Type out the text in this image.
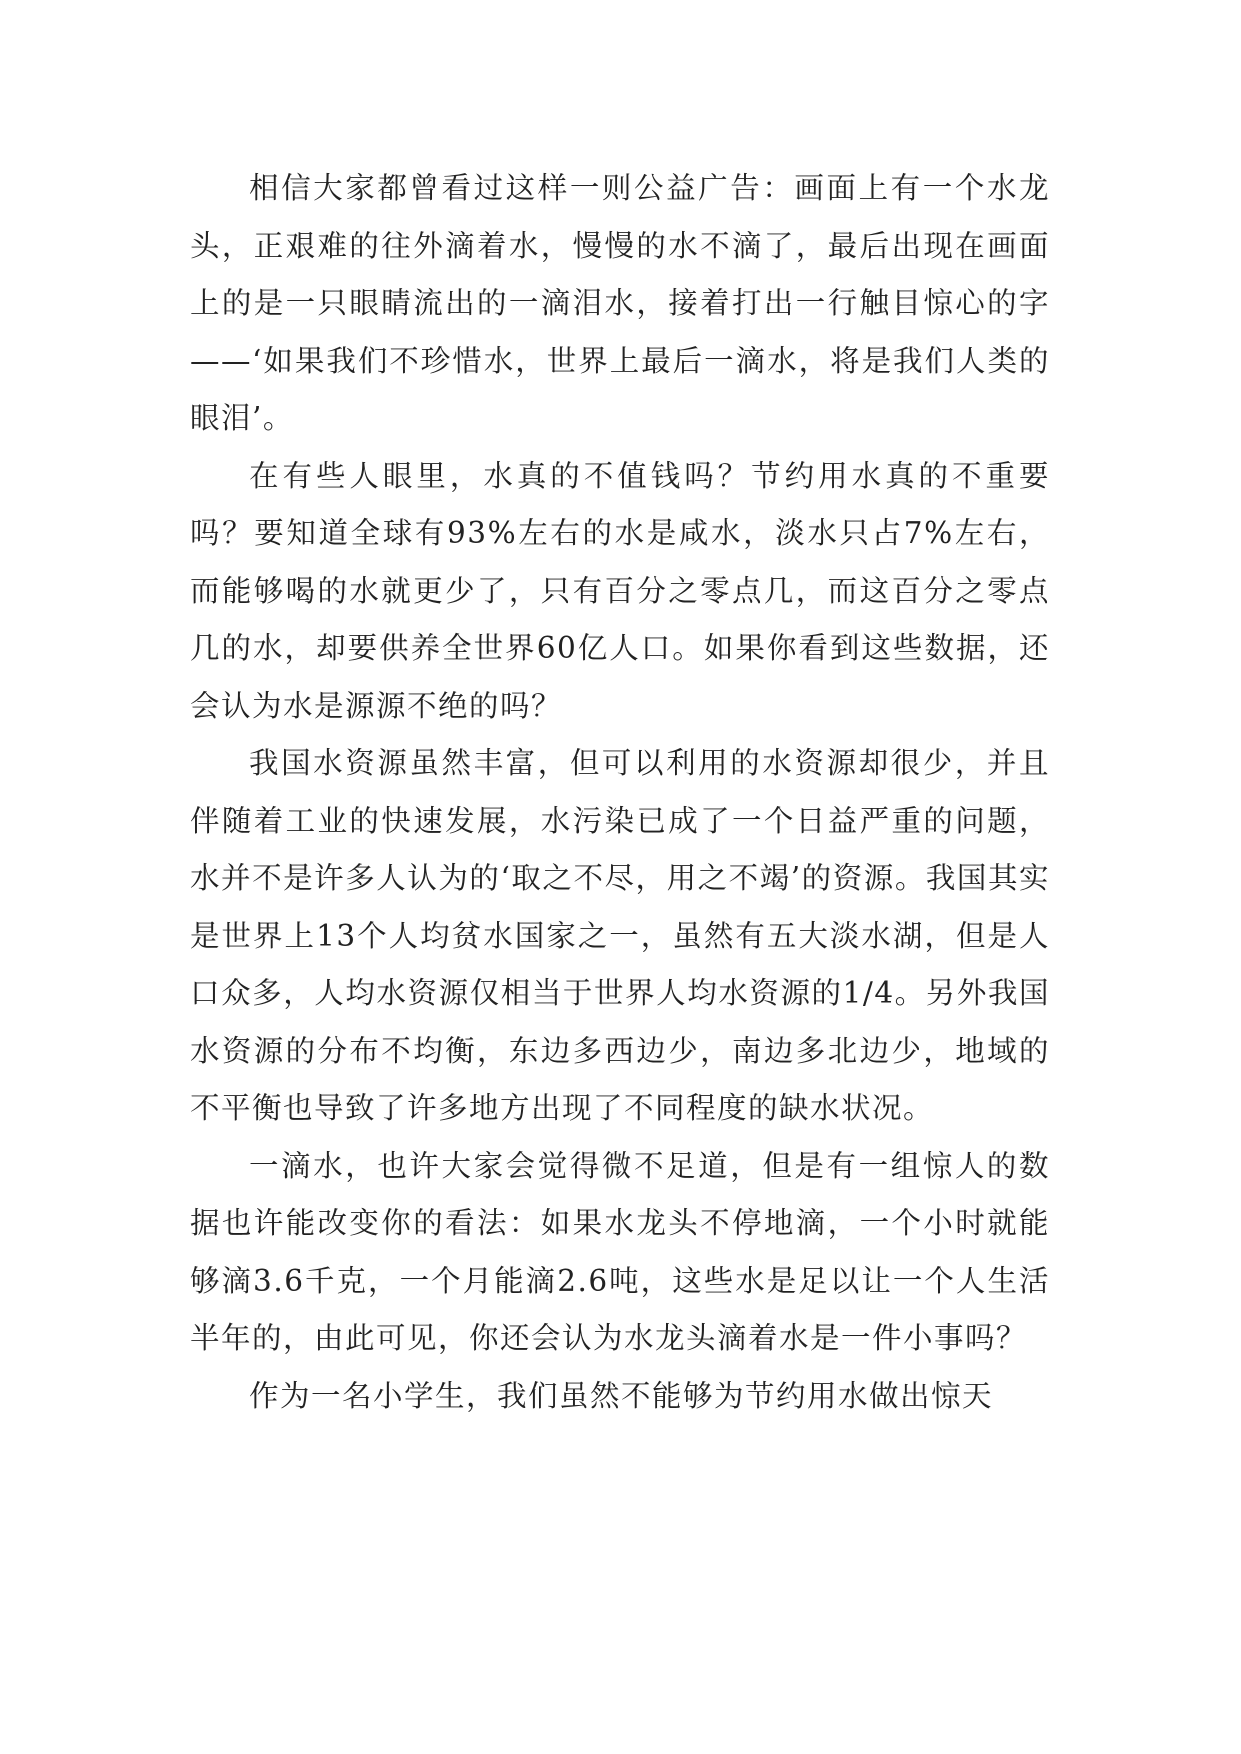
相信大家都曾看过这样一则公益广告：画面上有一个水龙头，正艰难的往外滴着水，慢慢的水不滴了，最后出现在画面上的是一只眼睛流出的一滴泪水，接着打出一行触目惊心的字——‘如果我们不珍惜水，世界上最后一滴水，将是我们人类的眼泪’。

在有些人眼里，水真的不值钱吗？节约用水真的不重要吗？要知道全球有93%左右的水是咸水，淡水只占7%左右，而能够喝的水就更少了，只有百分之零点几，而这百分之零点几的水，却要供养全世界60亿人口。如果你看到这些数据，还会认为水是源源不绝的吗？

我国水资源虽然丰富，但可以利用的水资源却很少，并且伴随着工业的快速发展，水污染已成了一个日益严重的问题，水并不是许多人认为的‘取之不尽，用之不竭’的资源。我国其实是世界上13个人均贫水国家之一，虽然有五大淡水湖，但是人口众多，人均水资源仅相当于世界人均水资源的1/4。另外我国水资源的分布不均衡，东边多西边少，南边多北边少，地域的不平衡也导致了许多地方出现了不同程度的缺水状况。

一滴水，也许大家会觉得微不足道，但是有一组惊人的数据也许能改变你的看法：如果水龙头不停地滴，一个小时就能够滴3.6千克，一个月能滴2.6吨，这些水是足以让一个人生活半年的，由此可见，你还会认为水龙头滴着水是一件小事吗？

作为一名小学生，我们虽然不能够为节约用水做出惊天
